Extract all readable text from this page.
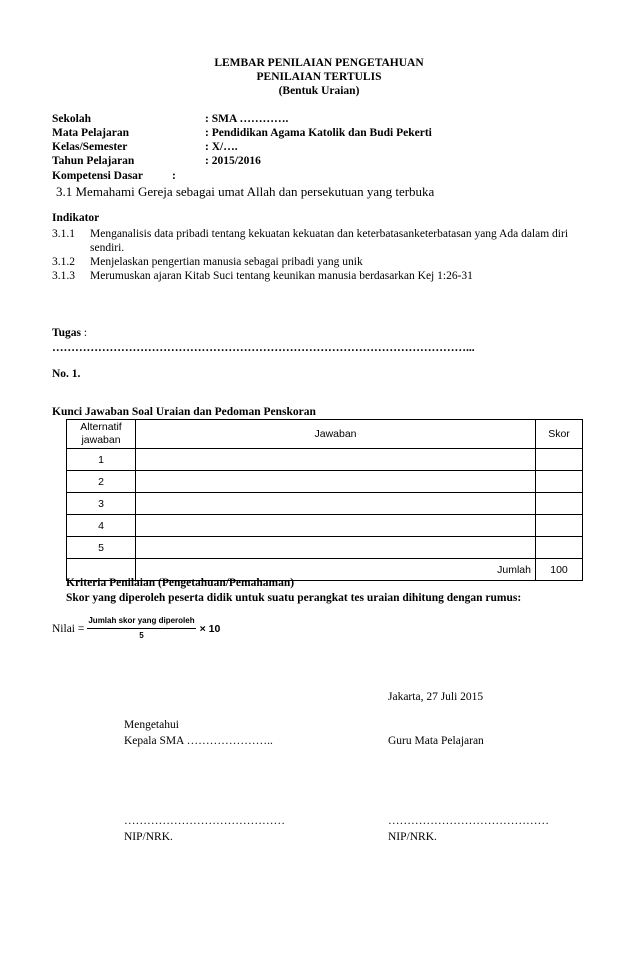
LEMBAR PENILAIAN PENGETAHUAN
PENILAIAN TERTULIS
(Bentuk Uraian)
Sekolah	: SMA ………….
Mata Pelajaran	: Pendidikan Agama Katolik dan Budi Pekerti
Kelas/Semester	: X/….
Tahun Pelajaran	: 2015/2016
Kompetensi Dasar	:
3.1 Memahami Gereja sebagai umat Allah dan persekutuan yang terbuka
Indikator
3.1.1 Menganalisis data pribadi tentang kekuatan kekuatan dan keterbatasanketerbatasan yang Ada dalam diri
sendiri.
3.1.2 Menjelaskan pengertian manusia sebagai pribadi yang unik
3.1.3 Merumuskan ajaran Kitab Suci tentang keunikan manusia berdasarkan Kej 1:26-31
Tugas :
………………………………………………………………………………………………...
No. 1.
Kunci Jawaban Soal Uraian dan Pedoman Penskoran
Alternatif jawaban	Jawaban	Skor
1		
2		
3		
4		
5		
	Jumlah	100
Kriteria Penilaian (Pengetahuan/Pemahaman)
Skor yang diperoleh peserta didik untuk suatu perangkat tes uraian dihitung dengan rumus:
Nilai = $\frac{\text{Jumlah skor yang diperoleh}}{5} \times 10$
Jakarta, 27 Juli 2015
Mengetahui
Kepala SMA …………………..	Guru Mata Pelajaran
……………………………………	……………………………………
NIP/NRK.	NIP/NRK.
